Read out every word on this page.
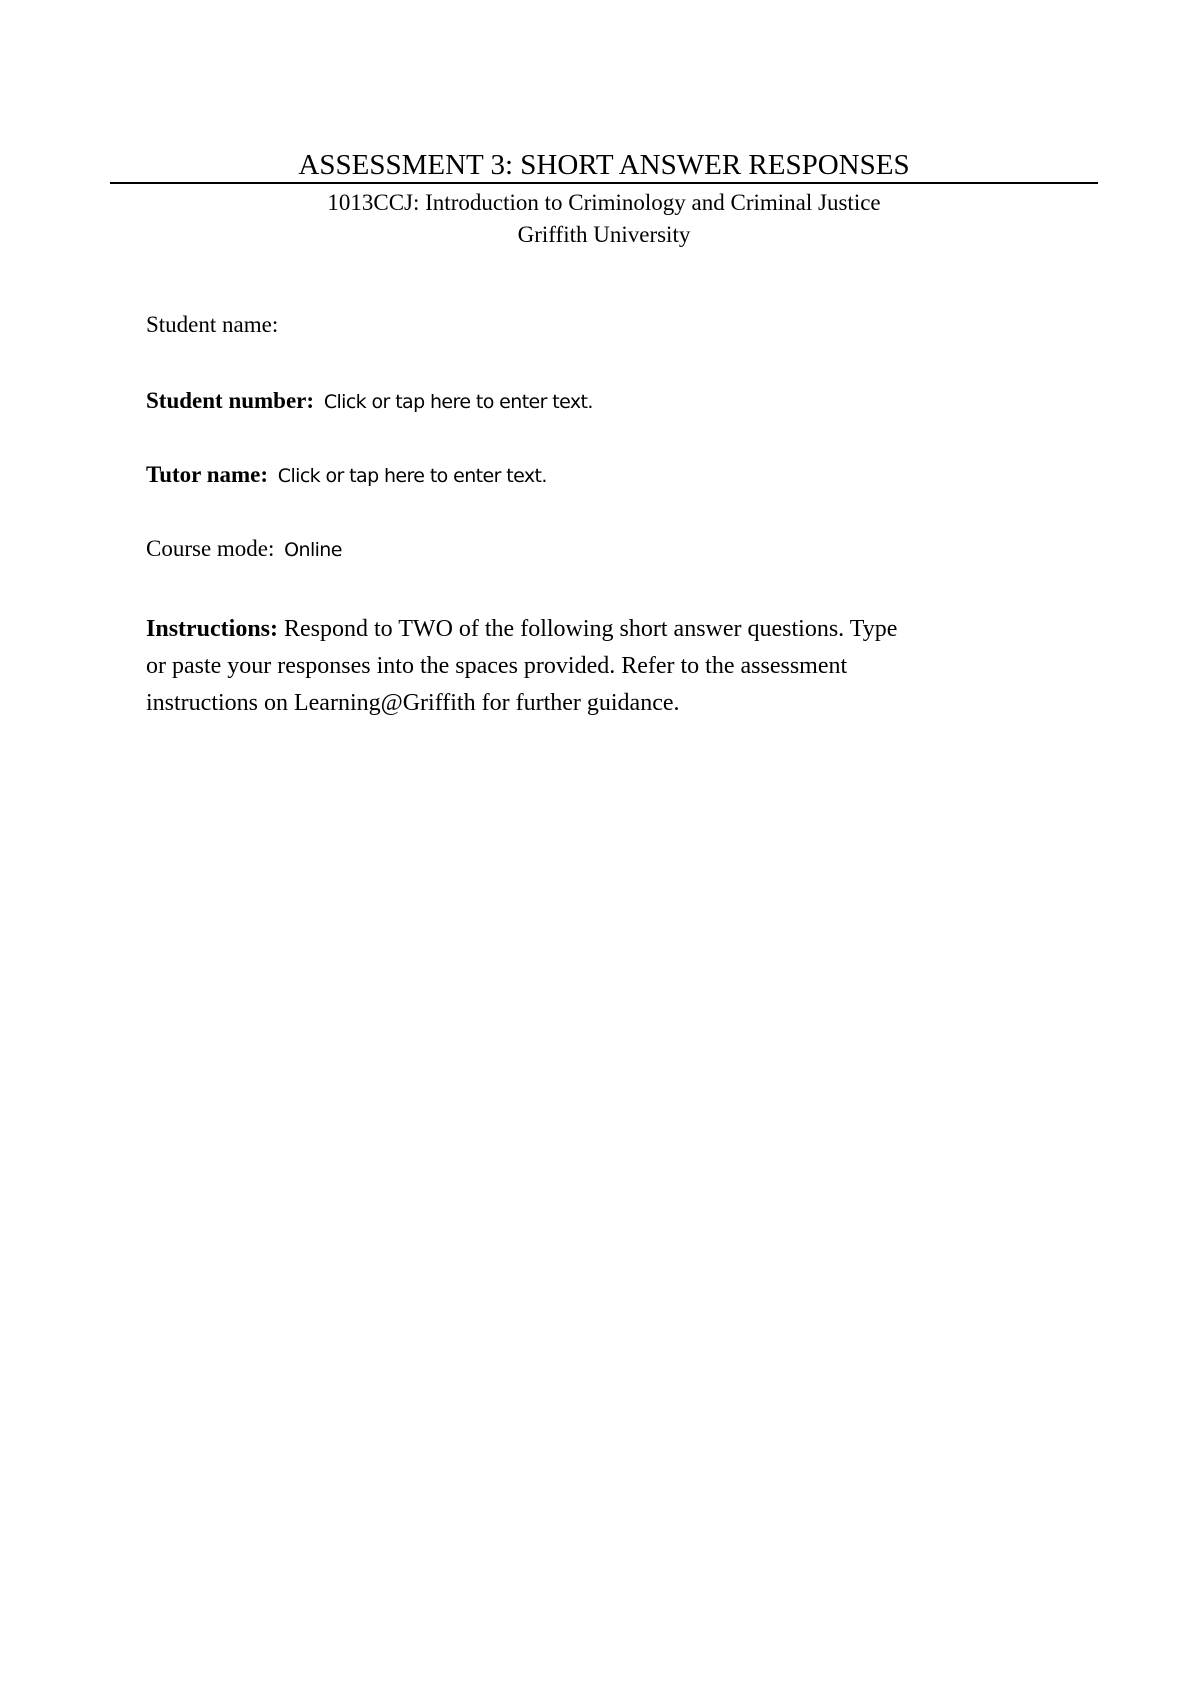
ASSESSMENT 3: SHORT ANSWER RESPONSES
1013CCJ: Introduction to Criminology and Criminal Justice
Griffith University
Student name:
Student number: Click or tap here to enter text.
Tutor name: Click or tap here to enter text.
Course mode: Online
Instructions: Respond to TWO of the following short answer questions. Type
or paste your responses into the spaces provided. Refer to the assessment
instructions on Learning@Griffith for further guidance.
